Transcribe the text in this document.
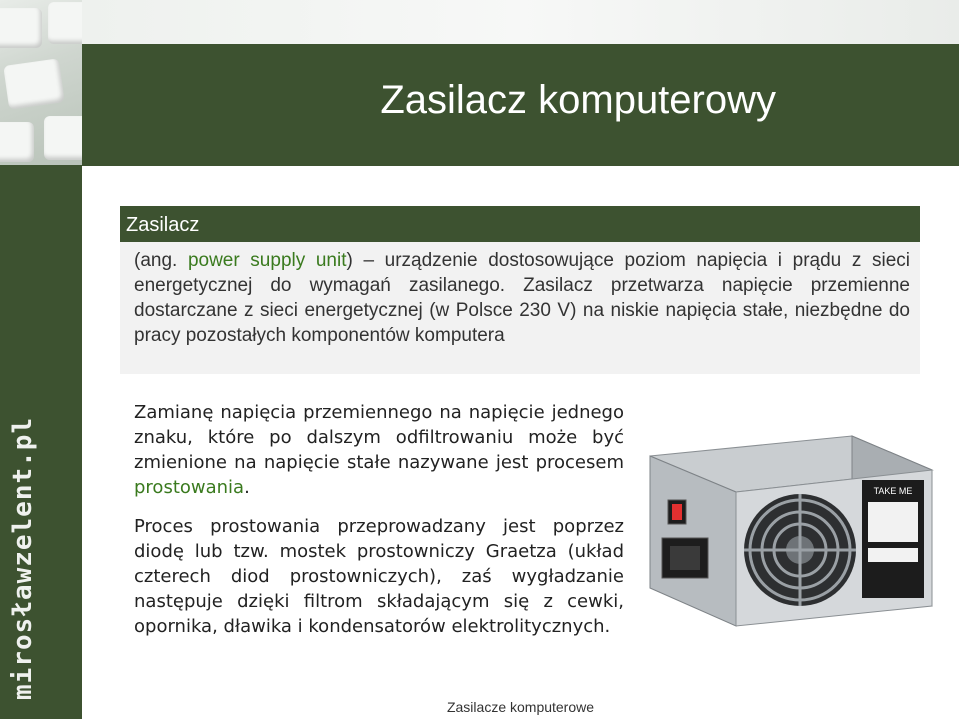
mirosławzelent.pl
Zasilacz komputerowy
Zasilacz
(ang. power supply unit) – urządzenie dostosowujące poziom napięcia i prądu z sieci energetycznej do wymagań zasilanego. Zasilacz przetwarza napięcie przemienne dostarczane z sieci energetycznej (w Polsce 230 V) na niskie napięcia stałe, niezbędne do pracy pozostałych komponentów komputera
Zamianę napięcia przemiennego na napięcie jednego znaku, które po dalszym odfiltrowaniu może być zmienione na napięcie stałe nazywane jest procesem prostowania.
Proces prostowania przeprowadzany jest poprzez diodę lub tzw. mostek prostowniczy Graetza (układ czterech diod prostowniczych), zaś wygładzanie następuje dzięki filtrom składającym się z cewki, opornika, dławika i kondensatorów elektrolitycznych.
TAKE ME
Zasilacze komputerowe
